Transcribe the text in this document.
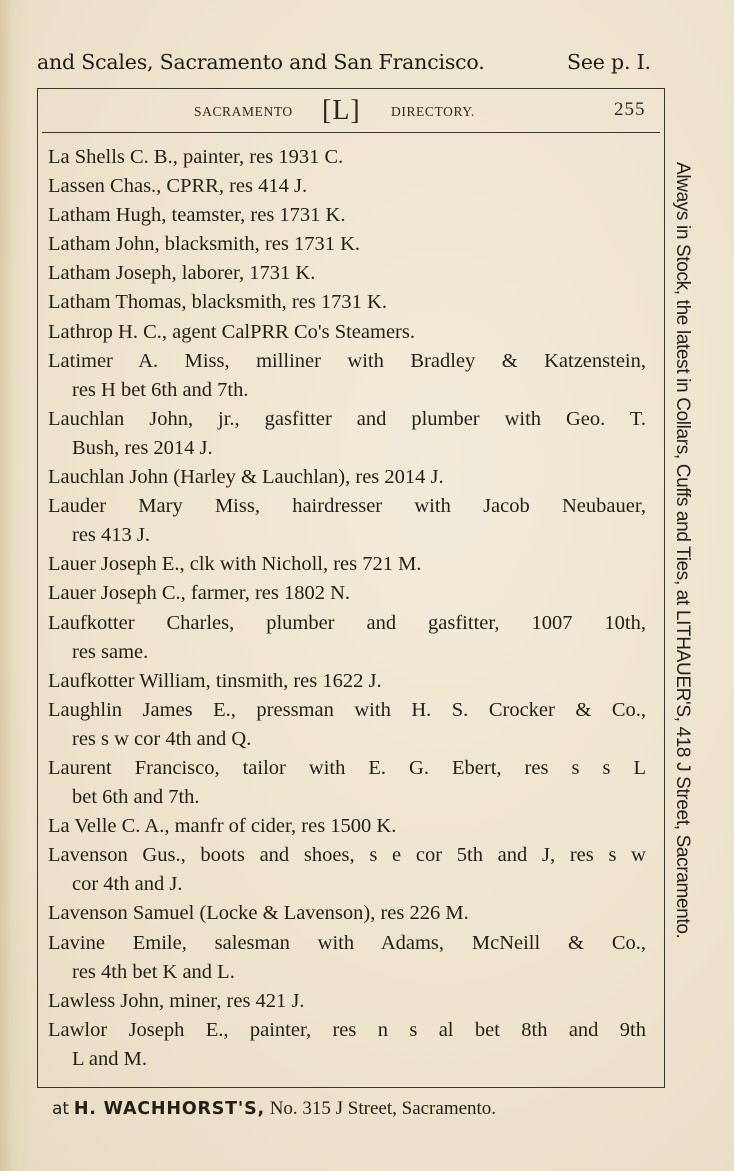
and Scales, Sacramento and San Francisco.	See p. I.
SACRAMENTO [L] DIRECTORY.	255
La Shells C. B., painter, res 1931 C.
Lassen Chas., CPRR, res 414 J.
Latham Hugh, teamster, res 1731 K.
Latham John, blacksmith, res 1731 K.
Latham Joseph, laborer, 1731 K.
Latham Thomas, blacksmith, res 1731 K.
Lathrop H. C., agent CalPRR Co's Steamers.
Latimer A. Miss, milliner with Bradley & Katzenstein,
res H bet 6th and 7th.
Lauchlan John, jr., gasfitter and plumber with Geo. T.
Bush, res 2014 J.
Lauchlan John (Harley & Lauchlan), res 2014 J.
Lauder Mary Miss, hairdresser with Jacob Neubauer,
res 413 J.
Lauer Joseph E., clk with Nicholl, res 721 M.
Lauer Joseph C., farmer, res 1802 N.
Laufkotter Charles, plumber and gasfitter, 1007 10th,
res same.
Laufkotter William, tinsmith, res 1622 J.
Laughlin James E., pressman with H. S. Crocker & Co.,
res s w cor 4th and Q.
Laurent Francisco, tailor with E. G. Ebert, res s s L
bet 6th and 7th.
La Velle C. A., manfr of cider, res 1500 K.
Lavenson Gus., boots and shoes, s e cor 5th and J, res s w
cor 4th and J.
Lavenson Samuel (Locke & Lavenson), res 226 M.
Lavine Emile, salesman with Adams, McNeill & Co.,
res 4th bet K and L.
Lawless John, miner, res 421 J.
Lawlor Joseph E., painter, res n s al bet 8th and 9th
L and M.
Always in Stock, the latest in Collars, Cuffs and Ties, at LITHAUER'S, 418 J Street, Sacramento.
at H. WACHHORST'S, No. 315 J Street, Sacramento.
